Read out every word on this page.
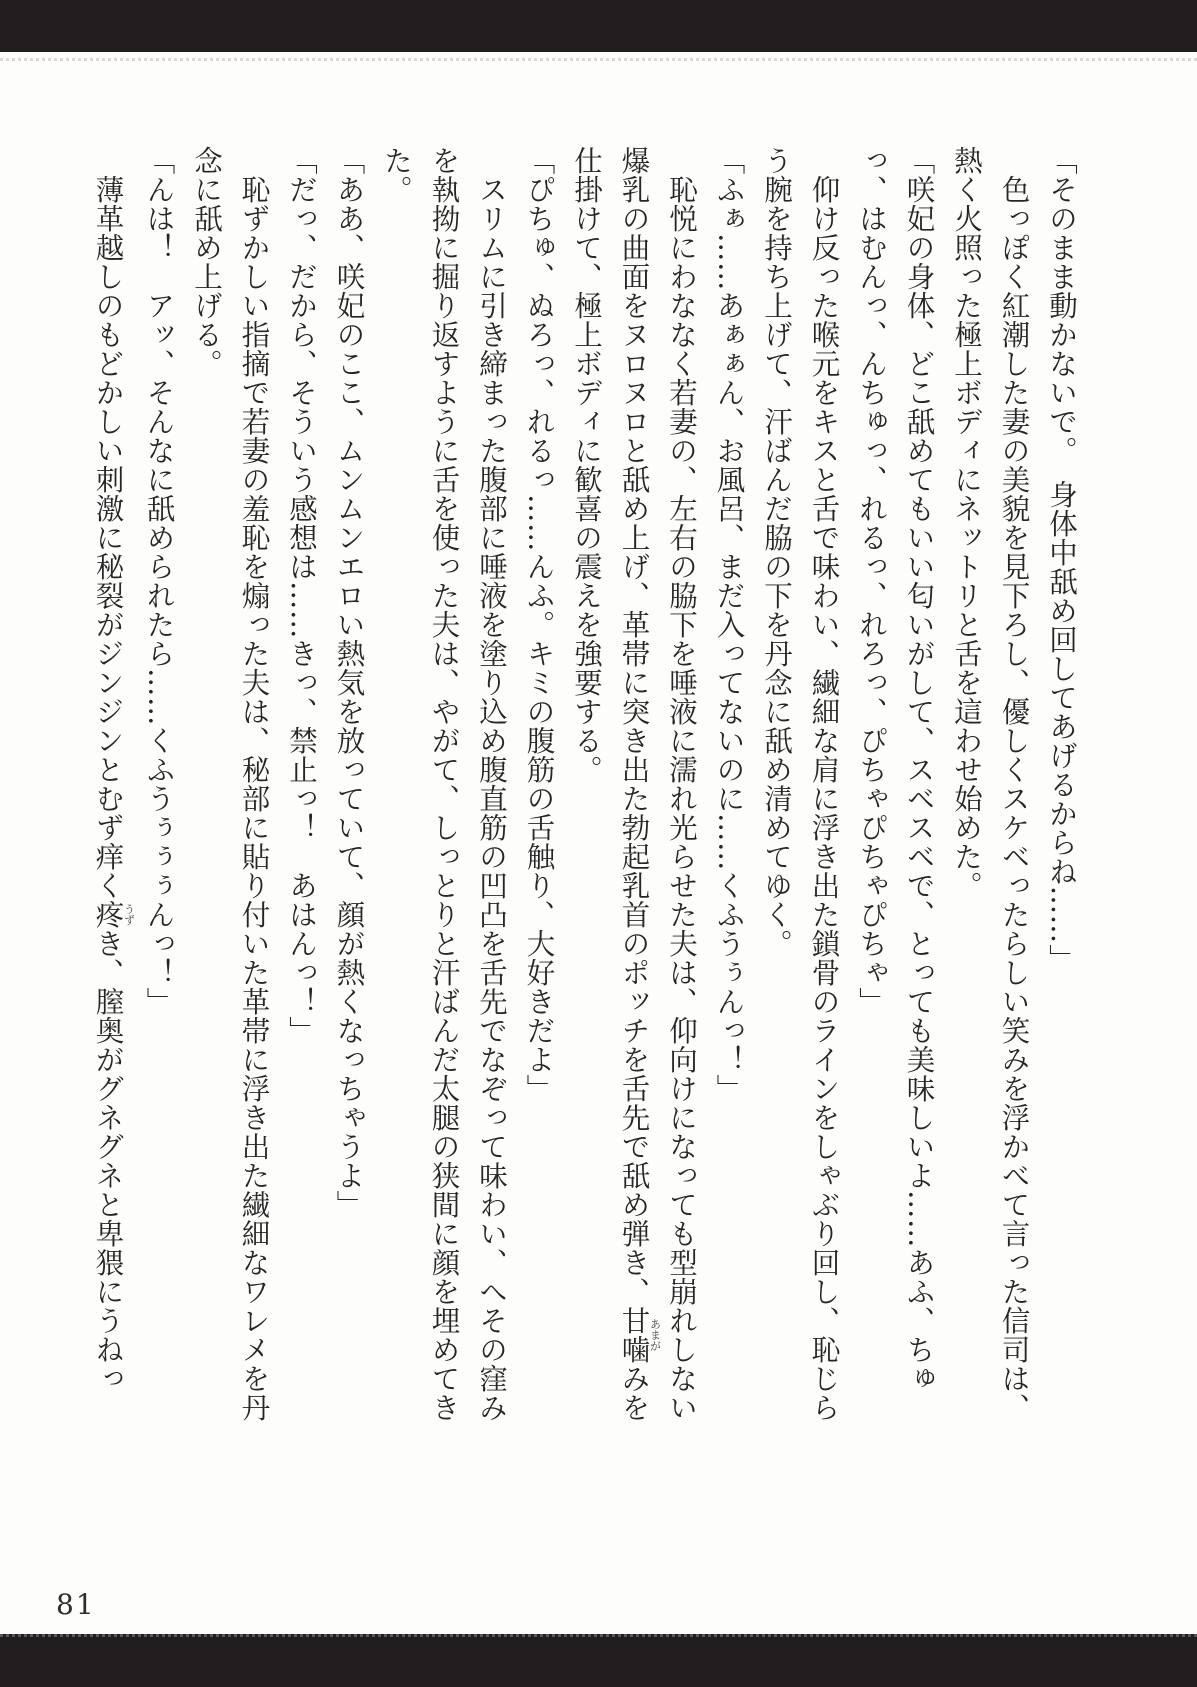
「そのまま動かないで。　身体中舐め回してあげるからね……」

色っぽく紅潮した妻の美貌を見下ろし、優しくスケベったらしい笑みを浮かべて言った信司は、熱く火照った極上ボディにネットリと舌を這わせ始めた。

「咲妃の身体、どこ舐めてもいい匂いがして、スベスベで、とっても美味しいよ……あふ、ちゅっ、はむんっ、んちゅっ、れるっ、れろっ、ぴちゃぴちゃぴちゃ」

仰け反った喉元をキスと舌で味わい、繊細な肩に浮き出た鎖骨のラインをしゃぶり回し、恥じらう腕を持ち上げて、汗ばんだ脇の下を丹念に舐め清めてゆく。

「ふぁ……あぁぁん、お風呂、まだ入ってないのに……くふうぅんっ！」

恥悦にわななく若妻の、左右の脇下を唾液に濡れ光らせた夫は、仰向けになっても型崩れしない爆乳の曲面をヌロヌロと舐め上げ、革帯に突き出た勃起乳首のポッチを舌先で舐め弾き、甘噛あまがみを仕掛けて、極上ボディに歓喜の震えを強要する。

「ぴちゅ、ぬろっ、れるっ……んふ。キミの腹筋の舌触り、大好きだよ」

スリムに引き締まった腹部に唾液を塗り込め腹直筋の凹凸を舌先でなぞって味わい、へその窪みを執拗に掘り返すように舌を使った夫は、やがて、しっとりと汗ばんだ太腿の狭間に顔を埋めてきた。

「ああ、咲妃のここ、ムンムンエロい熱気を放っていて、顔が熱くなっちゃうよ」

「だっ、だから、そういう感想は……きっ、禁止っ！　あはんっ！」

恥ずかしい指摘で若妻の羞恥を煽った夫は、秘部に貼り付いた革帯に浮き出た繊細なワレメを丹念に舐め上げる。

「んは！　アッ、そんなに舐められたら……くふうぅぅぅんっ！」

薄革越しのもどかしい刺激に秘裂がジンジンとむず痒く疼うずき、膣奥がグネグネと卑猥にうねっ

81
